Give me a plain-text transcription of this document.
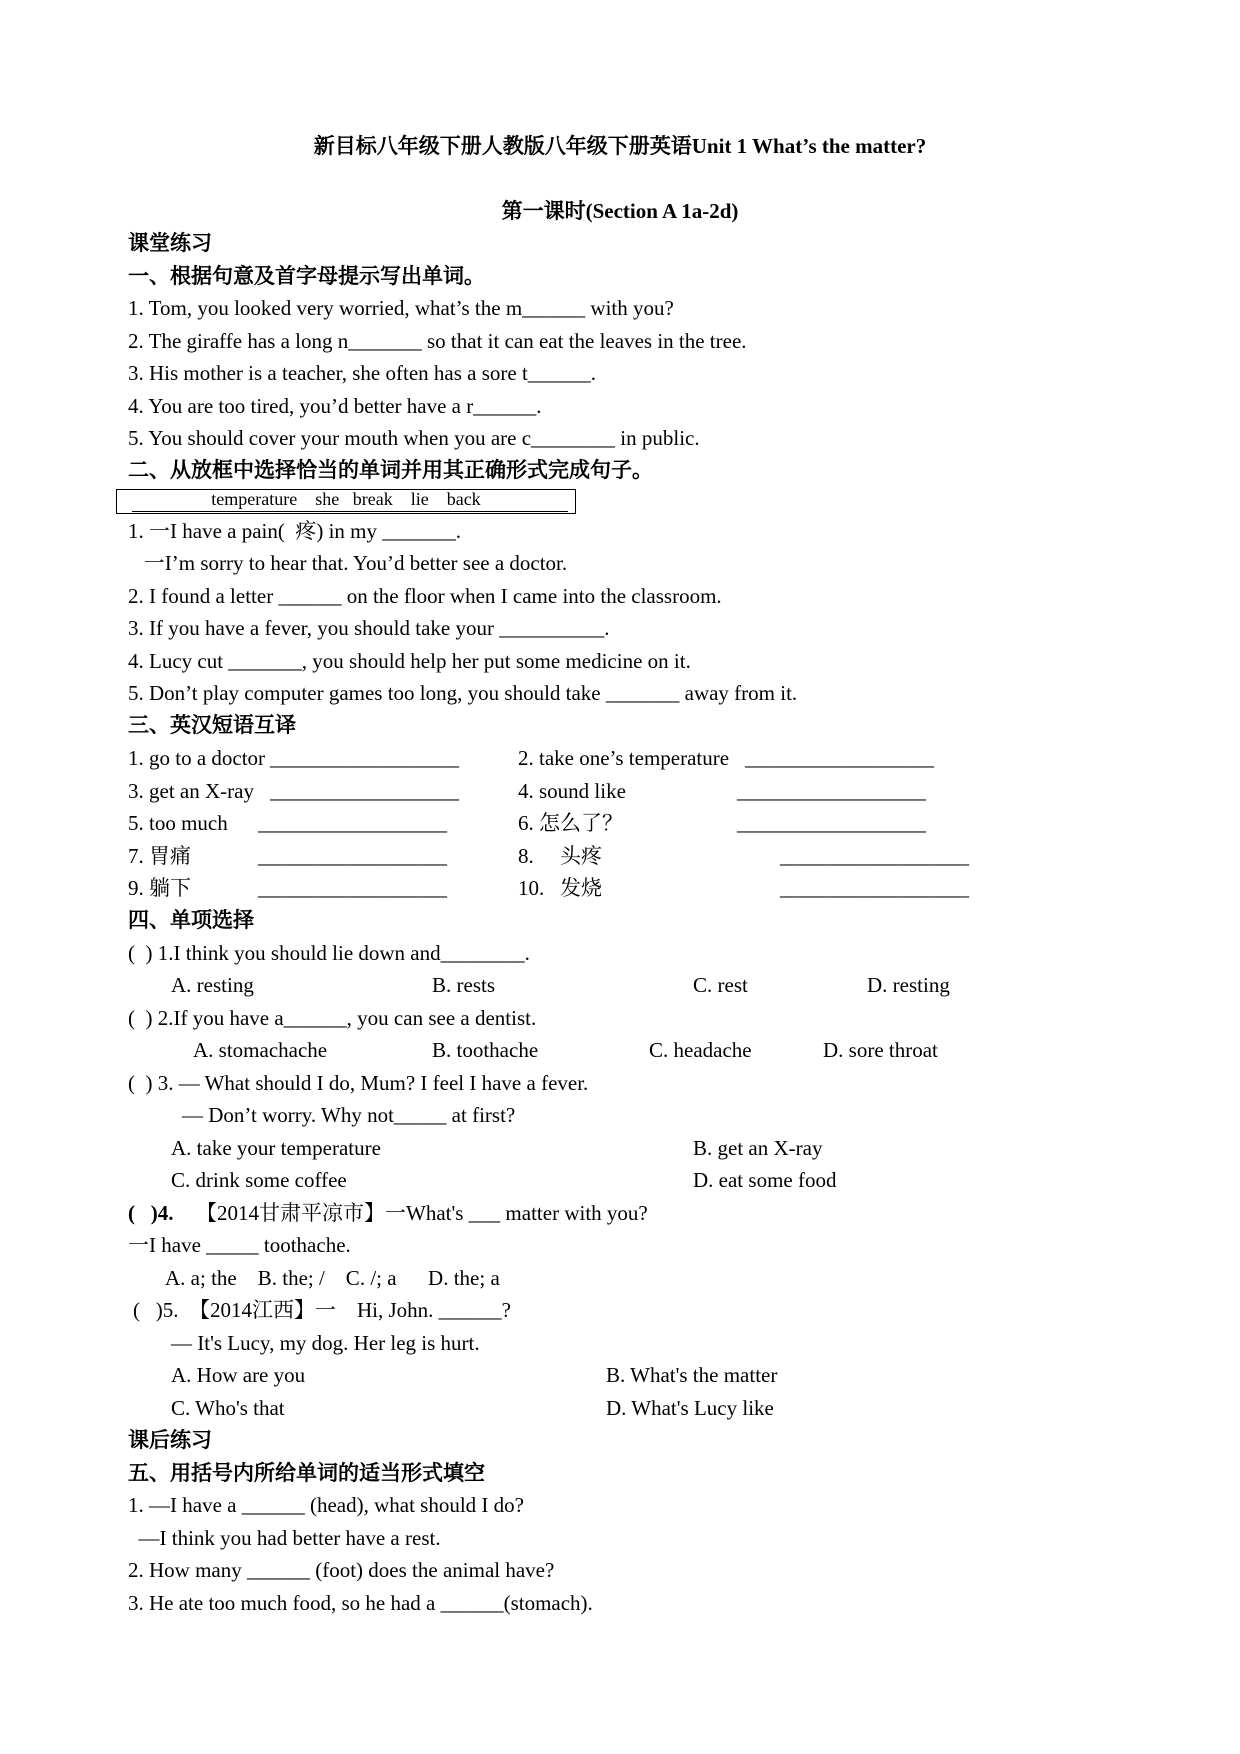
新目标八年级下册人教版八年级下册英语Unit 1 What’s the matter?
第一课时(Section A 1a-2d)
课堂练习
一、根据句意及首字母提示写出单词。
1. Tom, you looked very worried, what’s the m______ with you?
2. The giraffe has a long n_______ so that it can eat the leaves in the tree.
3. His mother is a teacher, she often has a sore t______.
4. You are too tired, you’d better have a r______.
5. You should cover your mouth when you are c________ in public.
二、从放框中选择恰当的单词并用其正确形式完成句子。
temperature    she   break    lie    back
1. 一I have a pain(  疼) in my _______.
一I’m sorry to hear that. You’d better see a doctor.
2. I found a letter ______ on the floor when I came into the classroom.
3. If you have a fever, you should take your __________.
4. Lucy cut _______, you should help her put some medicine on it.
5. Don’t play computer games too long, you should take _______ away from it.
三、英汉短语互译
1. go to a doctor __________________	2. take one’s temperature __________________
3. get an X-ray __________________	4. sound like	__________________
5. too much __________________	6. 怎么了？	__________________
7. 胃痛	__________________	8.     头疼	__________________
9. 躺下	__________________	10.   发烧	__________________
四、单项选择
(  ) 1.I think you should lie down and________.
A. resting	B. rests	C. rest	D. resting
(  ) 2.If you have a______, you can see a dentist.
A. stomachache	B. toothache	C. headache	D. sore throat
(  ) 3. — What should I do, Mum? I feel I have a fever.
— Don’t worry. Why not_____ at first?
A. take your temperature	B. get an X-ray
C. drink some coffee	D. eat some food
(   )4. 【2014甘肃平凉市】一What's ___ matter with you?
一I have _____ toothache.
A. a; the    B. the; /    C. /; a      D. the; a
(   )5.  【2014江西】一    Hi, John. ______?
— It's Lucy, my dog. Her leg is hurt.
A. How are you	B. What's the matter
C. Who's that	D. What's Lucy like
课后练习
五、用括号内所给单词的适当形式填空
1. —I have a ______ (head), what should I do?
—I think you had better have a rest.
2. How many ______ (foot) does the animal have?
3. He ate too much food, so he had a ______(stomach).
